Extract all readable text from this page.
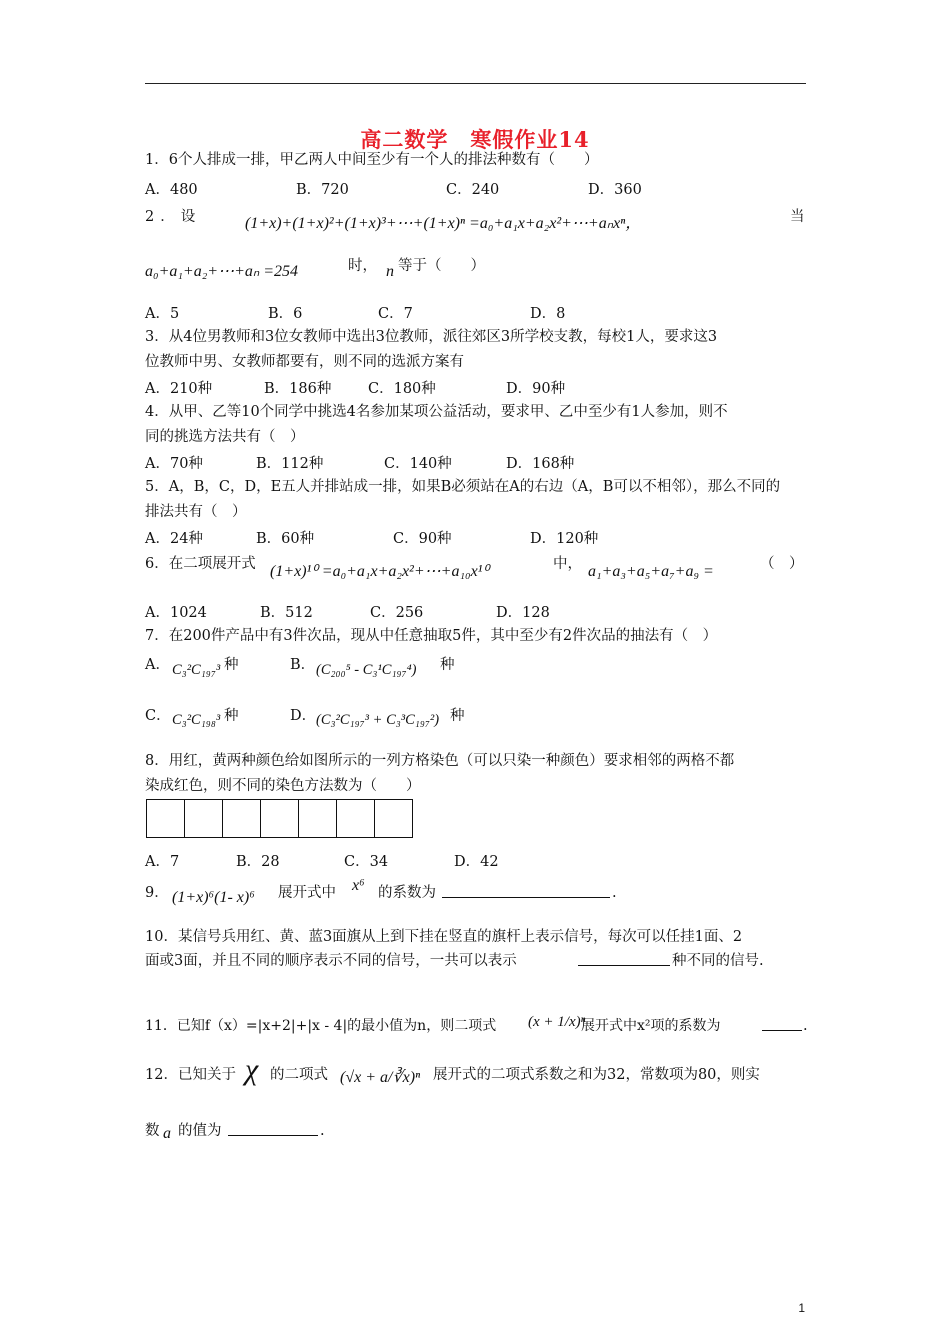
高二数学　寒假作业14
1．6个人排成一排，甲乙两人中间至少有一个人的排法种数有（　　）
A．480	B．720	C．240	D．360
2．设	(1+x)+(1+x)²+(1+x)³+⋯+(1+x)ⁿ =a₀+a₁x+a₂x²+⋯+aₙxⁿ，	当
a₀+a₁+a₂+⋯+aₙ =254	时， n 等于（　　）
A．5	B．6	C．7	D．8
3．从4位男教师和3位女教师中选出3位教师，派往郊区3所学校支教，每校1人，要求这3
位教师中男、女教师都要有，则不同的选派方案有
A．210种	B．186种	C．180种	D．90种
4．从甲、乙等10个同学中挑选4名参加某项公益活动，要求甲、乙中至少有1人参加，则不
同的挑选方法共有（　）
A．70种	B．112种	C．140种	D．168种
5．A，B，C，D，E五人并排站成一排，如果B必须站在A的右边（A，B可以不相邻），那么不同的
排法共有（　）
A．24种	B．60种	C．90种	D．120种
6．在二项展开式 (1+x)¹⁰ =a₀+a₁x+a₂x²+⋯+a₁₀x¹⁰	中， a₁+a₃+a₅+a₇+a₉ =	（　）
A．1024	B．512	C．256	D．128
7．在200件产品中有3件次品，现从中任意抽取5件，其中至少有2件次品的抽法有（　）
A． C₃²C₁₉₇³ 种	B． (C₂₀₀⁵ - C₃¹C₁₉₇⁴) 种
C． C₃²C₁₉₈³ 种	D． (C₃²C₁₉₇³ + C₃³C₁₉₇²) 种
8．用红，黄两种颜色给如图所示的一列方格染色（可以只染一种颜色）要求相邻的两格不都
染成红色，则不同的染色方法数为（　　）
A．7	B．28	C．34	D．42
9． (1+x)⁶(1- x)⁶ 展开式中 x⁶ 的系数为	.
10．某信号兵用红、黄、蓝3面旗从上到下挂在竖直的旗杆上表示信号，每次可以任挂1面、2
面或3面，并且不同的顺序表示不同的信号，一共可以表示	种不同的信号.
11．已知f（x）=|x+2|+|x - 4|的最小值为n，则二项式 (x + 1/x)ⁿ
展开式中x²项的系数为	.
12．已知关于 χ 的二项式 (√x + a/∛x)ⁿ 展开式的二项式系数之和为32，常数项为80，则实
数 a 的值为	.
1
